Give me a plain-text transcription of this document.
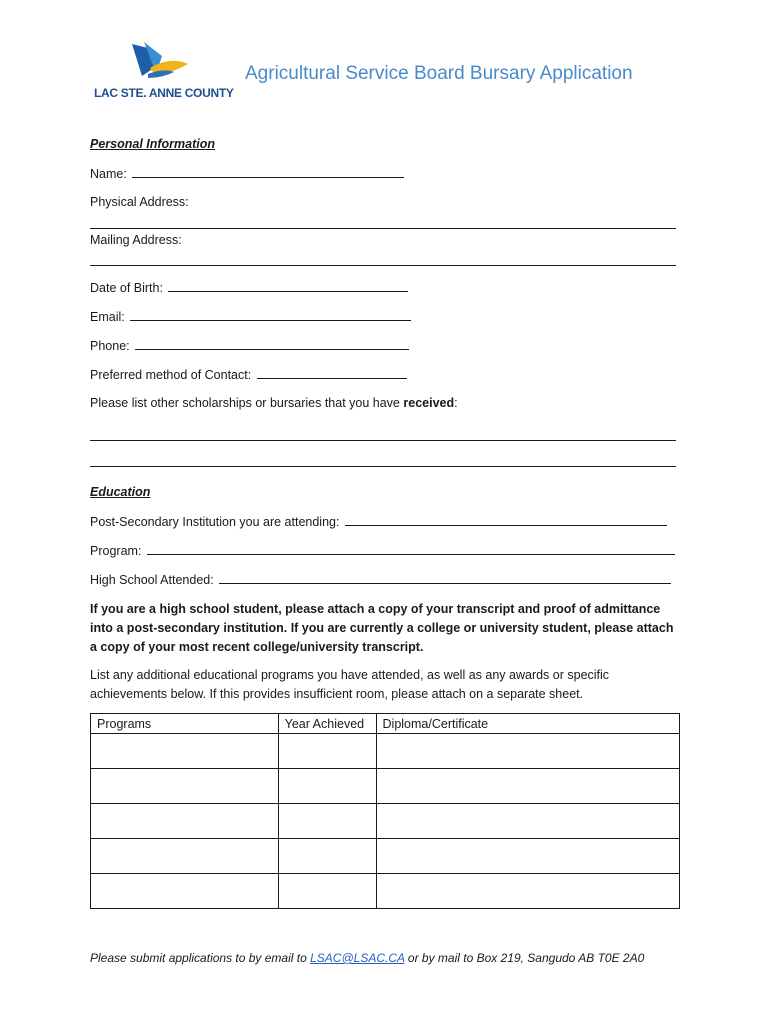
LAC STE. ANNE COUNTY
Agricultural Service Board Bursary Application
Personal Information
Name:
Physical Address:
Mailing Address:
Date of Birth:
Email:
Phone:
Preferred method of Contact:
Please list other scholarships or bursaries that you have received:
Education
Post-Secondary Institution you are attending:
Program:
High School Attended:
If you are a high school student, please attach a copy of your transcript and proof of admittance into a post-secondary institution. If you are currently a college or university student, please attach a copy of your most recent college/university transcript.
List any additional educational programs you have attended, as well as any awards or specific achievements below. If this provides insufficient room, please attach on a separate sheet.
Programs	Year Achieved	Diploma/Certificate

Please submit applications to by email to LSAC@LSAC.CA or by mail to Box 219, Sangudo AB T0E 2A0
